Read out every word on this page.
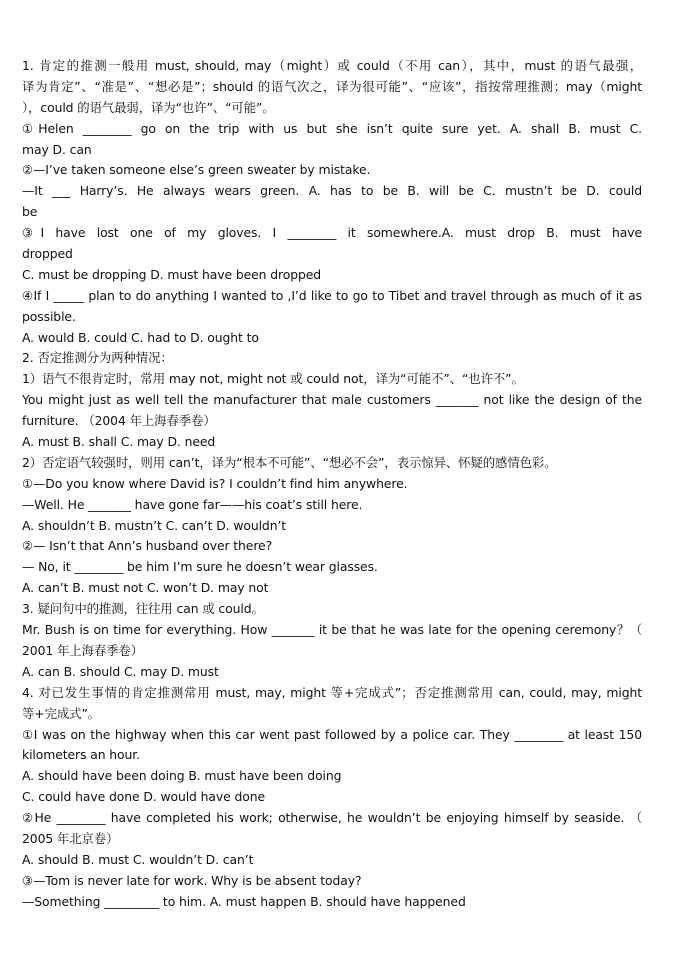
1. 肯定的推测一般用 must, should, may（might）或 could（不用 can），其中，must 的语气最强，
译为肯定”、“准是”、“想必是”；should 的语气次之，译为很可能”、“应该”，指按常理推测；may（might
），could 的语气最弱，译为“也许”、“可能”。
①Helen ________ go on the trip with us but she isn’t quite sure yet. A. shall B. must C.
may D. can
②—I’ve taken someone else’s green sweater by mistake.
—It ___ Harry’s. He always wears green. A. has to be B. will be C. mustn’t be D. could
be
③I have lost one of my gloves. I ________ it somewhere.A. must drop B. must have
dropped
C. must be dropping D. must have been dropped
④If I _____ plan to do anything I wanted to ,I’d like to go to Tibet and travel through as much of it as
possible.
A. would B. could C. had to D. ought to
2. 否定推测分为两种情况：
1）语气不很肯定时，常用 may not, might not 或 could not，译为“可能不”、“也许不”。
You might just as well tell the manufacturer that male customers _______ not like the design of the
furniture. （2004 年上海春季卷）
A. must B. shall C. may D. need
2）否定语气较强时，则用 can’t，译为“根本不可能”、“想必不会”，表示惊异、怀疑的感情色彩。
①—Do you know where David is? I couldn’t find him anywhere.
—Well. He _______ have gone far——his coat’s still here.
A. shouldn’t B. mustn’t C. can’t D. wouldn’t
②— Isn’t that Ann’s husband over there?
— No, it ________ be him I’m sure he doesn’t wear glasses.
A. can’t B. must not C. won’t D. may not
3. 疑问句中的推测，往往用 can 或 could。
Mr. Bush is on time for everything. How _______ it be that he was late for the opening ceremony？（
2001 年上海春季卷）
A. can B. should C. may D. must
4. 对已发生事情的肯定推测常用 must, may, might 等+完成式”；否定推测常用 can, could, may, might
等+完成式”。
①I was on the highway when this car went past followed by a police car. They ________ at least 150
kilometers an hour.
A. should have been doing B. must have been doing
C. could have done D. would have done
②He ________ have completed his work; otherwise, he wouldn’t be enjoying himself by seaside. （
2005 年北京卷）
A. should B. must C. wouldn’t D. can’t
③—Tom is never late for work. Why is be absent today?
—Something _________ to him. A. must happen B. should have happened
